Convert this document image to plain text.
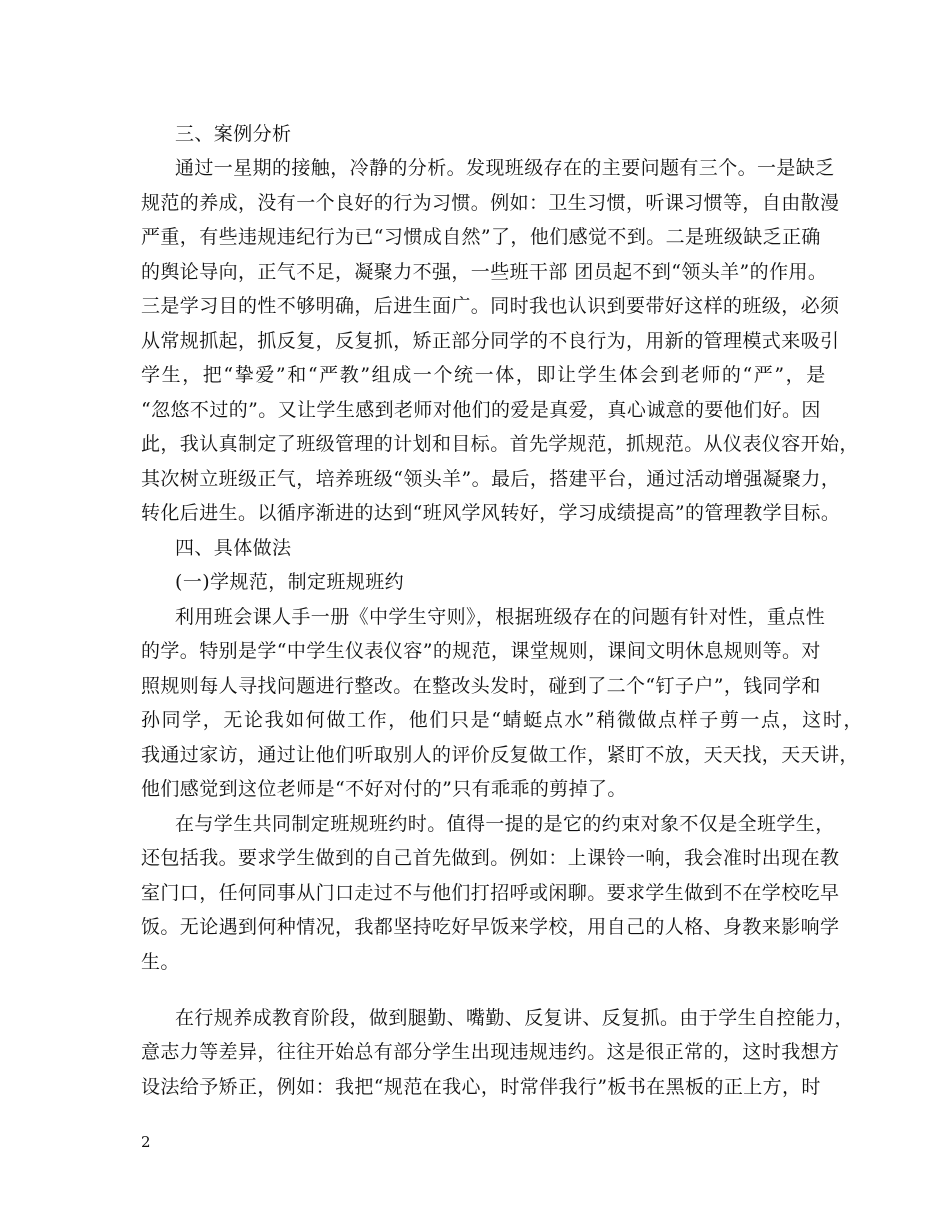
三、案例分析
通过一星期的接触，冷静的分析。发现班级存在的主要问题有三个。一是缺乏
规范的养成，没有一个良好的行为习惯。例如：卫生习惯，听课习惯等，自由散漫
严重，有些违规违纪行为已“习惯成自然”了，他们感觉不到。二是班级缺乏正确
的舆论导向，正气不足，凝聚力不强，一些班干部 团员起不到“领头羊”的作用。
三是学习目的性不够明确，后进生面广。同时我也认识到要带好这样的班级，必须
从常规抓起，抓反复，反复抓，矫正部分同学的不良行为，用新的管理模式来吸引
学生，把“挚爱”和“严教”组成一个统一体，即让学生体会到老师的“严”，是
“忽悠不过的”。又让学生感到老师对他们的爱是真爱，真心诚意的要他们好。因
此，我认真制定了班级管理的计划和目标。首先学规范，抓规范。从仪表仪容开始，
其次树立班级正气，培养班级“领头羊”。最后，搭建平台，通过活动增强凝聚力，
转化后进生。以循序渐进的达到“班风学风转好，学习成绩提高”的管理教学目标。
四、具体做法
(一)学规范，制定班规班约
利用班会课人手一册《中学生守则》，根据班级存在的问题有针对性，重点性
的学。特别是学“中学生仪表仪容”的规范，课堂规则，课间文明休息规则等。对
照规则每人寻找问题进行整改。在整改头发时，碰到了二个“钉子户”，钱同学和
孙同学，无论我如何做工作，他们只是“蜻蜓点水”稍微做点样子剪一点，这时，
我通过家访，通过让他们听取别人的评价反复做工作，紧盯不放，天天找，天天讲，
他们感觉到这位老师是“不好对付的”只有乖乖的剪掉了。
在与学生共同制定班规班约时。值得一提的是它的约束对象不仅是全班学生，
还包括我。要求学生做到的自己首先做到。例如：上课铃一响，我会准时出现在教
室门口，任何同事从门口走过不与他们打招呼或闲聊。要求学生做到不在学校吃早
饭。无论遇到何种情况，我都坚持吃好早饭来学校，用自己的人格、身教来影响学
生。
在行规养成教育阶段，做到腿勤、嘴勤、反复讲、反复抓。由于学生自控能力，
意志力等差异，往往开始总有部分学生出现违规违约。这是很正常的，这时我想方
设法给予矫正，例如：我把“规范在我心，时常伴我行”板书在黑板的正上方，时
2
